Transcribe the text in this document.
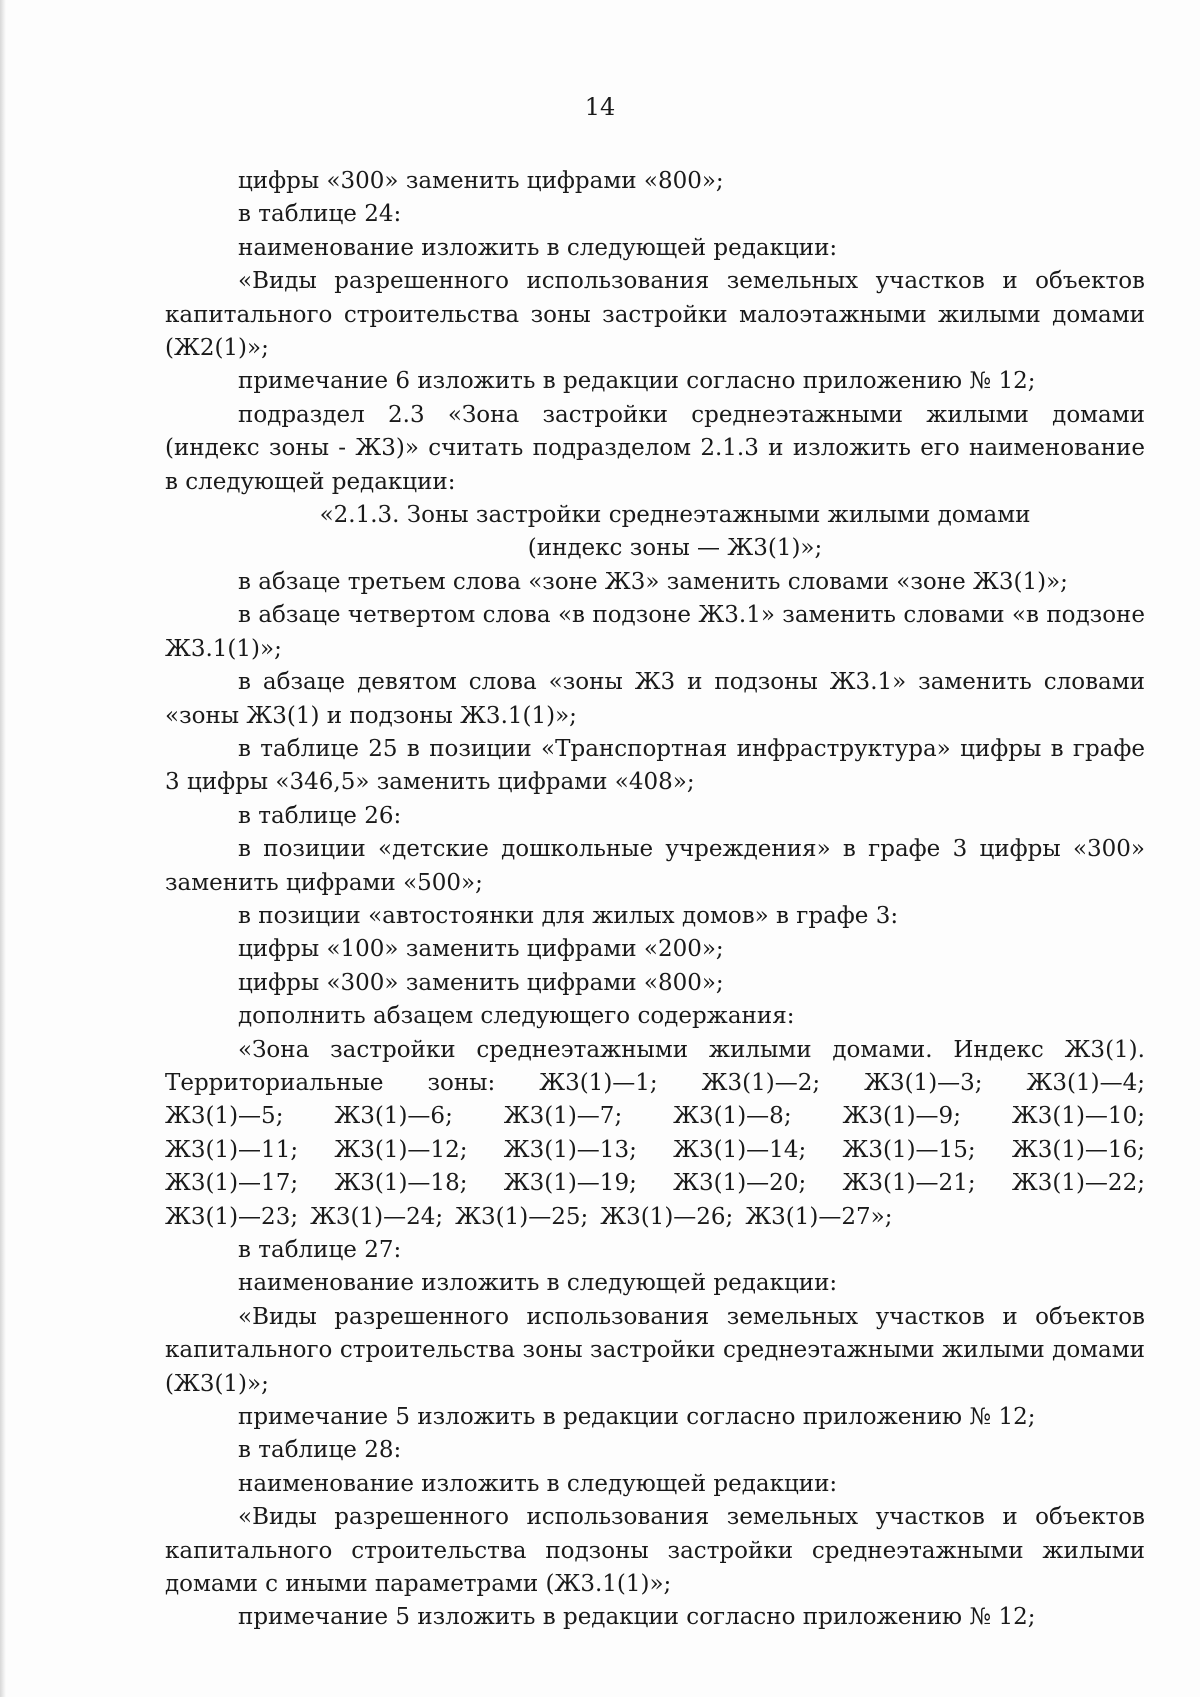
14

цифры «300» заменить цифрами «800»;

в таблице 24:

наименование изложить в следующей редакции:

«Виды разрешенного использования земельных участков и объектов капитального строительства зоны застройки малоэтажными жилыми домами (Ж2(1)»;

примечание 6 изложить в редакции согласно приложению № 12;

подраздел 2.3 «Зона застройки среднеэтажными жилыми домами (индекс зоны - Ж3)» считать подразделом 2.1.3 и изложить его наименование в следующей редакции:

«2.1.3. Зоны застройки среднеэтажными жилыми домами
(индекс зоны — Ж3(1)»;

в абзаце третьем слова «зоне Ж3» заменить словами «зоне Ж3(1)»;

в абзаце четвертом слова «в подзоне Ж3.1» заменить словами «в подзоне Ж3.1(1)»;

в абзаце девятом слова «зоны Ж3 и подзоны Ж3.1» заменить словами «зоны Ж3(1) и подзоны Ж3.1(1)»;

в таблице 25 в позиции «Транспортная инфраструктура» цифры в графе 3 цифры «346,5» заменить цифрами «408»;

в таблице 26:

в позиции «детские дошкольные учреждения» в графе 3 цифры «300» заменить цифрами «500»;

в позиции «автостоянки для жилых домов» в графе 3:

цифры «100» заменить цифрами «200»;

цифры «300» заменить цифрами «800»;

дополнить абзацем следующего содержания:

«Зона застройки среднеэтажными жилыми домами. Индекс Ж3(1).
Территориальные зоны: Ж3(1)—1; Ж3(1)—2; Ж3(1)—3; Ж3(1)—4;
Ж3(1)—5; Ж3(1)—6; Ж3(1)—7; Ж3(1)—8; Ж3(1)—9; Ж3(1)—10;
Ж3(1)—11; Ж3(1)—12; Ж3(1)—13; Ж3(1)—14; Ж3(1)—15; Ж3(1)—16;
Ж3(1)—17; Ж3(1)—18; Ж3(1)—19; Ж3(1)—20; Ж3(1)—21; Ж3(1)—22;
Ж3(1)—23; Ж3(1)—24; Ж3(1)—25; Ж3(1)—26; Ж3(1)—27»;

в таблице 27:

наименование изложить в следующей редакции:

«Виды разрешенного использования земельных участков и объектов капитального строительства зоны застройки среднеэтажными жилыми домами (Ж3(1)»;

примечание 5 изложить в редакции согласно приложению № 12;

в таблице 28:

наименование изложить в следующей редакции:

«Виды разрешенного использования земельных участков и объектов капитального строительства подзоны застройки среднеэтажными жилыми домами с иными параметрами (Ж3.1(1)»;

примечание 5 изложить в редакции согласно приложению № 12;
